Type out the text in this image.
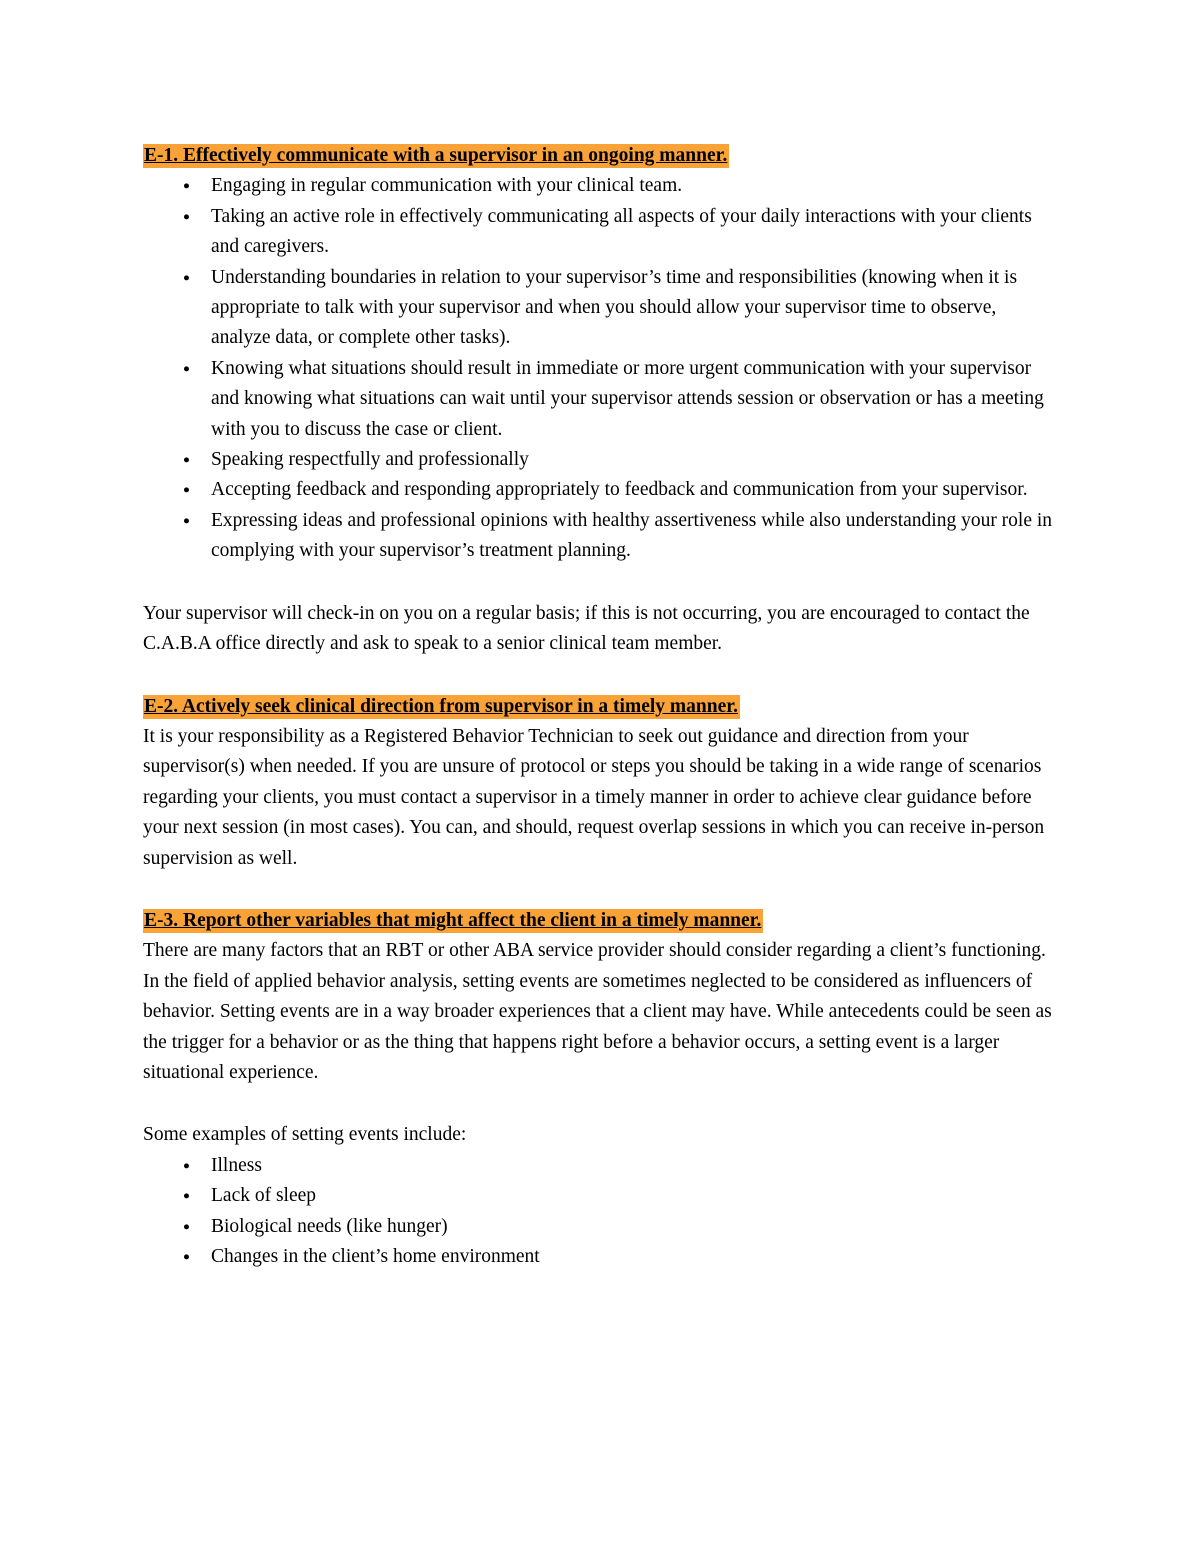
E-1. Effectively communicate with a supervisor in an ongoing manner.

● Engaging in regular communication with your clinical team.
● Taking an active role in effectively communicating all aspects of your daily interactions with your clients and caregivers.
● Understanding boundaries in relation to your supervisor’s time and responsibilities (knowing when it is appropriate to talk with your supervisor and when you should allow your supervisor time to observe, analyze data, or complete other tasks).
● Knowing what situations should result in immediate or more urgent communication with your supervisor and knowing what situations can wait until your supervisor attends session or observation or has a meeting with you to discuss the case or client.
● Speaking respectfully and professionally
● Accepting feedback and responding appropriately to feedback and communication from your supervisor.
● Expressing ideas and professional opinions with healthy assertiveness while also understanding your role in complying with your supervisor’s treatment planning.

Your supervisor will check-in on you on a regular basis; if this is not occurring, you are encouraged to contact the C.A.B.A office directly and ask to speak to a senior clinical team member.

E-2. Actively seek clinical direction from supervisor in a timely manner.

It is your responsibility as a Registered Behavior Technician to seek out guidance and direction from your supervisor(s) when needed. If you are unsure of protocol or steps you should be taking in a wide range of scenarios regarding your clients, you must contact a supervisor in a timely manner in order to achieve clear guidance before your next session (in most cases). You can, and should, request overlap sessions in which you can receive in-person supervision as well.

E-3. Report other variables that might affect the client in a timely manner.

There are many factors that an RBT or other ABA service provider should consider regarding a client’s functioning. In the field of applied behavior analysis, setting events are sometimes neglected to be considered as influencers of behavior. Setting events are in a way broader experiences that a client may have. While antecedents could be seen as the trigger for a behavior or as the thing that happens right before a behavior occurs, a setting event is a larger situational experience.

Some examples of setting events include:

● Illness
● Lack of sleep
● Biological needs (like hunger)
● Changes in the client’s home environment
